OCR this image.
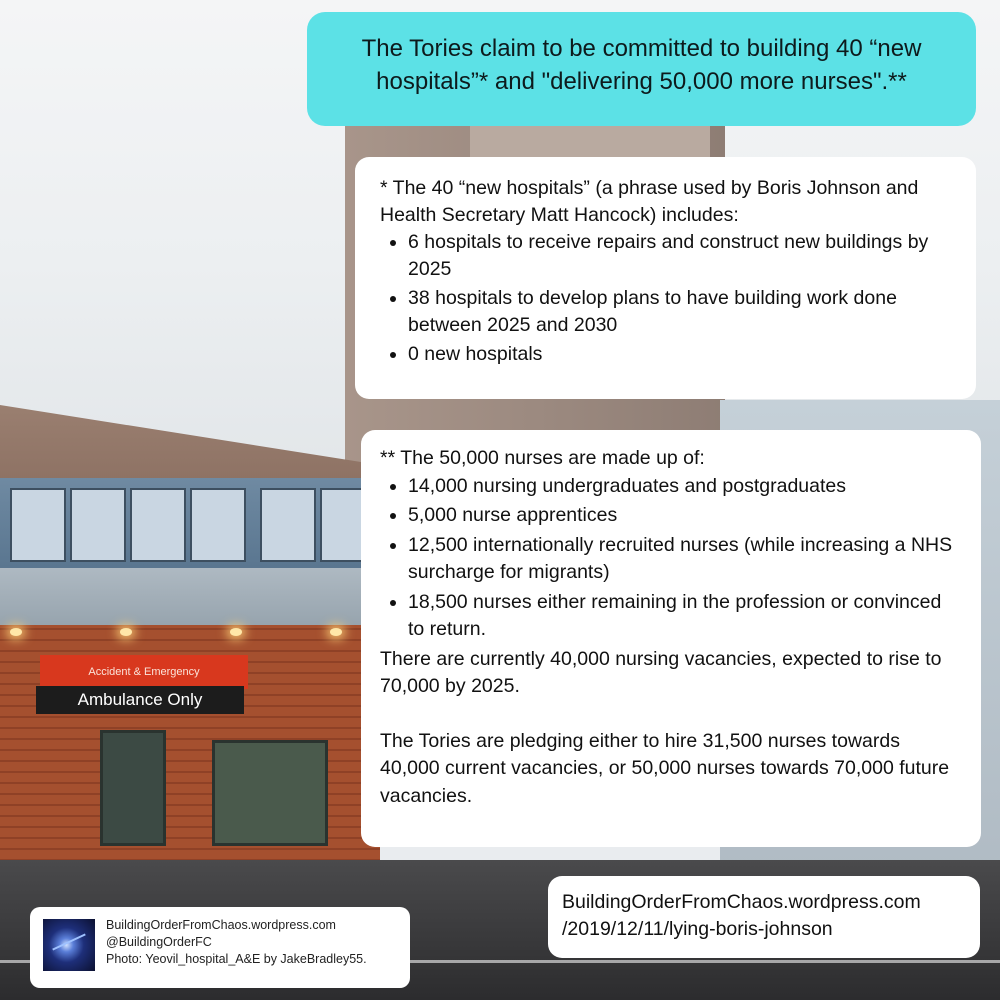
Accident & Emergency
Ambulance Only
The Tories claim to be committed to building 40 “new hospitals”* and "delivering 50,000 more nurses".**

* The 40 “new hospitals” (a phrase used by Boris Johnson and Health Secretary Matt Hancock) includes:

• 6 hospitals to receive repairs and construct new buildings by 2025
• 38 hospitals to develop plans to have building work done between 2025 and 2030
• 0 new hospitals

** The 50,000 nurses are made up of:

• 14,000 nursing undergraduates and postgraduates
• 5,000 nurse apprentices
• 12,500 internationally recruited nurses (while increasing a NHS surcharge for migrants)
• 18,500 nurses either remaining in the profession or convinced to return.

There are currently 40,000 nursing vacancies, expected to rise to 70,000 by 2025.

The Tories are pledging either to hire 31,500 nurses towards 40,000 current vacancies, or 50,000 nurses towards 70,000 future vacancies.

BuildingOrderFromChaos.wordpress.com
/2019/12/11/lying-boris-johnson
BuildingOrderFromChaos.wordpress.com
@BuildingOrderFC
Photo: Yeovil_hospital_A&E by JakeBradley55.
